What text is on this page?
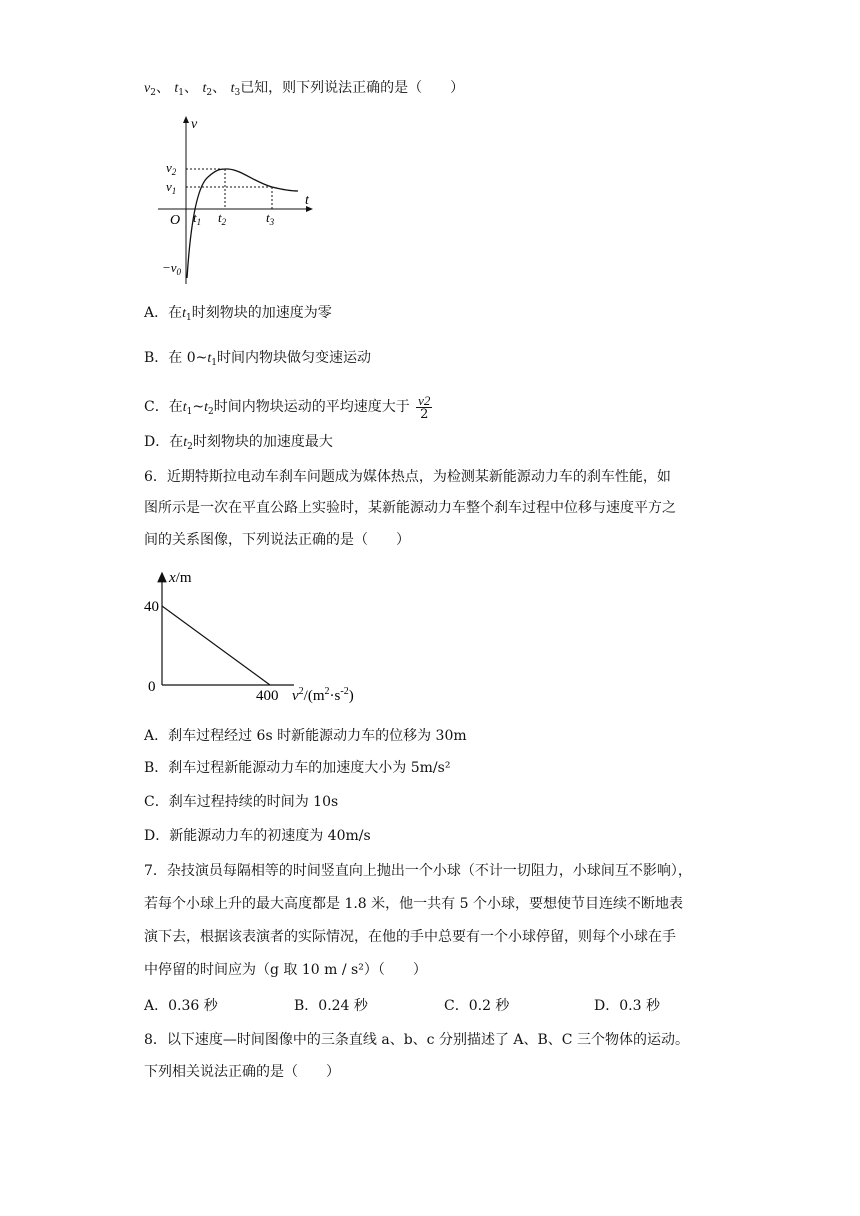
$v_2$、 $t_1$、 $t_2$、 $t_3$已知，则下列说法正确的是（　　）
v
t
O
$v_2$
$v_1$
$-v_0$
$t_1$ $t_2$	$t_3$
A．在$t_1$时刻物块的加速度为零
B．在 $0\sim t_1$时间内物块做匀变速运动
C．在$t_1\sim t_2$时间内物块运动的平均速度大于 $\frac{v2}{2}$
D．在$t_2$时刻物块的加速度最大
6．近期特斯拉电动车刹车问题成为媒体热点，为检测某新能源动力车的刹车性能，如
图所示是一次在平直公路上实验时，某新能源动力车整个刹车过程中位移与速度平方之
间的关系图像，下列说法正确的是（　　）
x/m
40
0
400 $v^2/(m^2\cdot s^{-2})$
A．刹车过程经过 6s 时新能源动力车的位移为 30m
B．刹车过程新能源动力车的加速度大小为 5m/s²
C．刹车过程持续的时间为 10s
D．新能源动力车的初速度为 40m/s
7．杂技演员每隔相等的时间竖直向上抛出一个小球（不计一切阻力，小球间互不影响），
若每个小球上升的最大高度都是 1.8 米，他一共有 5 个小球，要想使节目连续不断地表
演下去，根据该表演者的实际情况，在他的手中总要有一个小球停留，则每个小球在手
中停留的时间应为（g 取 10 m / s²）（　　）
A．0.36 秒	B．0.24 秒	C．0.2 秒	D．0.3 秒
8．以下速度—时间图像中的三条直线 a、b、c 分别描述了 A、B、C 三个物体的运动。
下列相关说法正确的是（　　）
